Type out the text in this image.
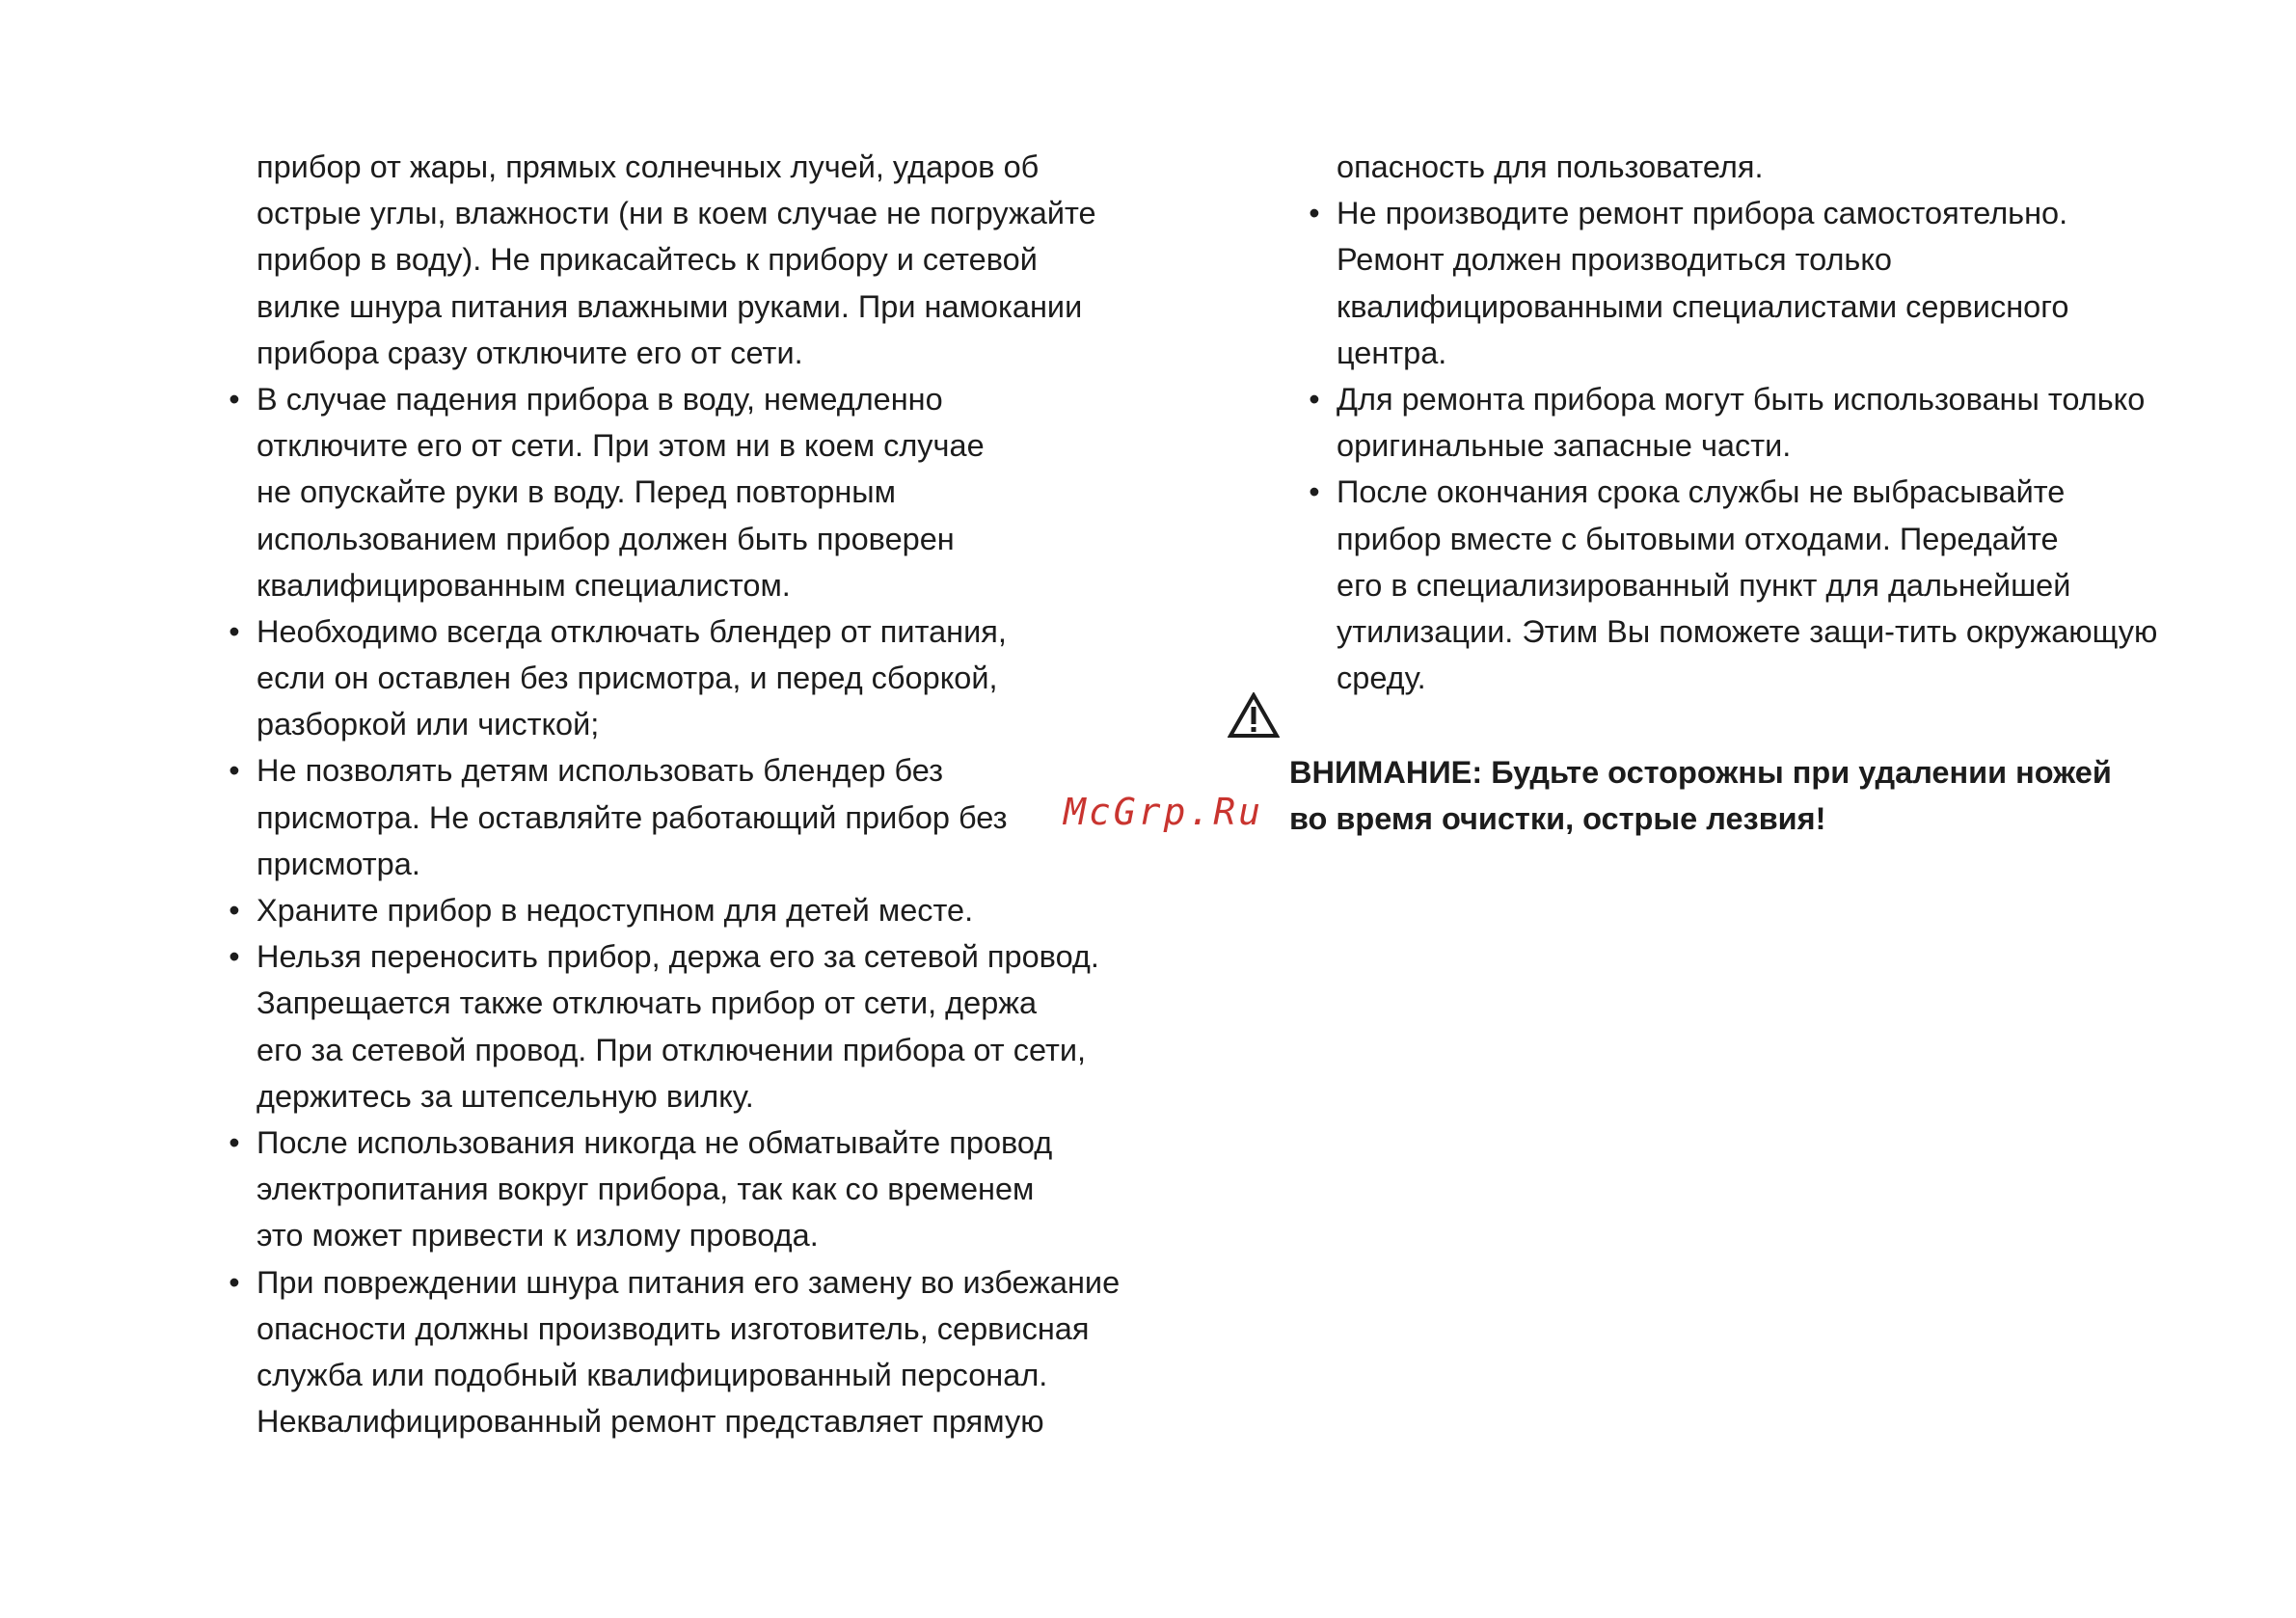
прибор от жары, прямых солнечных лучей, ударов об
острые углы, влажности (ни в коем случае не погружайте
прибор в воду). Не прикасайтесь к прибору и сетевой
вилке шнура питания влажными руками. При намокании
прибора сразу отключите его от сети.
• В случае падения прибора в воду, немедленно
отключите его от сети. При этом ни в коем случае
не опускайте руки в воду. Перед повторным
использованием прибор должен быть проверен
квалифицированным специалистом.
• Необходимо всегда отключать блендер от питания,
если он оставлен без присмотра, и перед сборкой,
разборкой или чисткой;
• Не позволять детям использовать блендер без
присмотра. Не оставляйте работающий прибор без
присмотра.
• Храните прибор в недоступном для детей месте.
• Нельзя переносить прибор, держа его за сетевой провод.
Запрещается также отключать прибор от сети, держа
его за сетевой провод. При отключении прибора от сети,
держитесь за штепсельную вилку.
• После использования никогда не обматывайте провод
электропитания вокруг прибора, так как со временем
это может привести к излому провода.
• При повреждении шнура питания его замену во избежание
опасности должны производить изготовитель, сервисная
служба или подобный квалифицированный персонал.
Неквалифицированный ремонт представляет прямую
опасность для пользователя.
• Не производите ремонт прибора самостоятельно.
Ремонт должен производиться только
квалифицированными специалистами сервисного
центра.
• Для ремонта прибора могут быть использованы только
оригинальные запасные части.
• После окончания срока службы не выбрасывайте
прибор вместе с бытовыми отходами. Передайте
его в специализированный пункт для дальнейшей
утилизации. Этим Вы поможете защи-тить окружающую
среду.
ВНИМАНИЕ: Будьте осторожны при удалении ножей
во время очистки, острые лезвия!
McGrp.Ru
